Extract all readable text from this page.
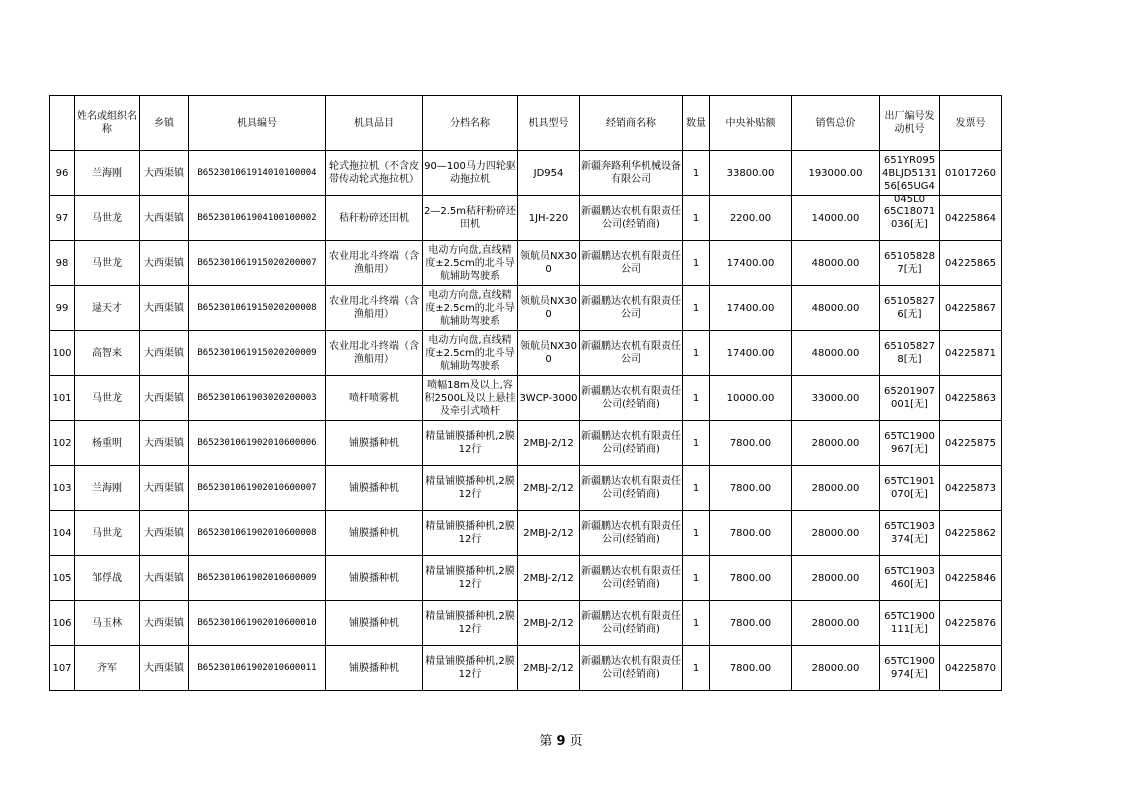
	姓名或组织名称	乡镇	机具编号	机具品目	分档名称	机具型号	经销商名称	数量	中央补贴额	销售总价	出厂编号发动机号	发票号

96	兰海刚	大西渠镇	B652301061914010100004	轮式拖拉机（不含皮带传动轮式拖拉机）	90—100马力四轮驱动拖拉机	JD954	新疆奔路利华机械设备有限公司	1	33800.00	193000.00	651YR0954BLJD513156[65UG4045L0	01017260

97	马世龙	大西渠镇	B652301061904100100002	秸秆粉碎还田机	2—2.5m秸秆粉碎还田机	1JH-220	新疆鹏达农机有限责任公司(经销商)	1	2200.00	14000.00	65C18071036[无]	04225864

98	马世龙	大西渠镇	B652301061915020200007	农业用北斗终端（含渔船用）	电动方向盘,直线精度±2.5cm的北斗导航辅助驾驶系	领航员NX300	新疆鹏达农机有限责任公司	1	17400.00	48000.00	651058287[无]	04225865

99	逯天才	大西渠镇	B652301061915020200008	农业用北斗终端（含渔船用）	电动方向盘,直线精度±2.5cm的北斗导航辅助驾驶系	领航员NX300	新疆鹏达农机有限责任公司	1	17400.00	48000.00	651058276[无]	04225867

100	高智来	大西渠镇	B652301061915020200009	农业用北斗终端（含渔船用）	电动方向盘,直线精度±2.5cm的北斗导航辅助驾驶系	领航员NX300	新疆鹏达农机有限责任公司	1	17400.00	48000.00	651058278[无]	04225871

101	马世龙	大西渠镇	B652301061903020200003	喷杆喷雾机	喷幅18m及以上,容积2500L及以上悬挂及牵引式喷杆	3WCP-3000	新疆鹏达农机有限责任公司(经销商)	1	10000.00	33000.00	65201907001[无]	04225863

102	杨重明	大西渠镇	B652301061902010600006	铺膜播种机	精量铺膜播种机,2膜12行	2MBJ-2/12	新疆鹏达农机有限责任公司(经销商)	1	7800.00	28000.00	65TC1900967[无]	04225875

103	兰海刚	大西渠镇	B652301061902010600007	铺膜播种机	精量铺膜播种机,2膜12行	2MBJ-2/12	新疆鹏达农机有限责任公司(经销商)	1	7800.00	28000.00	65TC1901070[无]	04225873

104	马世龙	大西渠镇	B652301061902010600008	铺膜播种机	精量铺膜播种机,2膜12行	2MBJ-2/12	新疆鹏达农机有限责任公司(经销商)	1	7800.00	28000.00	65TC1903374[无]	04225862

105	邹俘战	大西渠镇	B652301061902010600009	铺膜播种机	精量铺膜播种机,2膜12行	2MBJ-2/12	新疆鹏达农机有限责任公司(经销商)	1	7800.00	28000.00	65TC1903460[无]	04225846

106	马玉林	大西渠镇	B652301061902010600010	铺膜播种机	精量铺膜播种机,2膜12行	2MBJ-2/12	新疆鹏达农机有限责任公司(经销商)	1	7800.00	28000.00	65TC1900111[无]	04225876

107	齐军	大西渠镇	B652301061902010600011	铺膜播种机	精量铺膜播种机,2膜12行	2MBJ-2/12	新疆鹏达农机有限责任公司(经销商)	1	7800.00	28000.00	65TC1900974[无]	04225870
第 9 页
